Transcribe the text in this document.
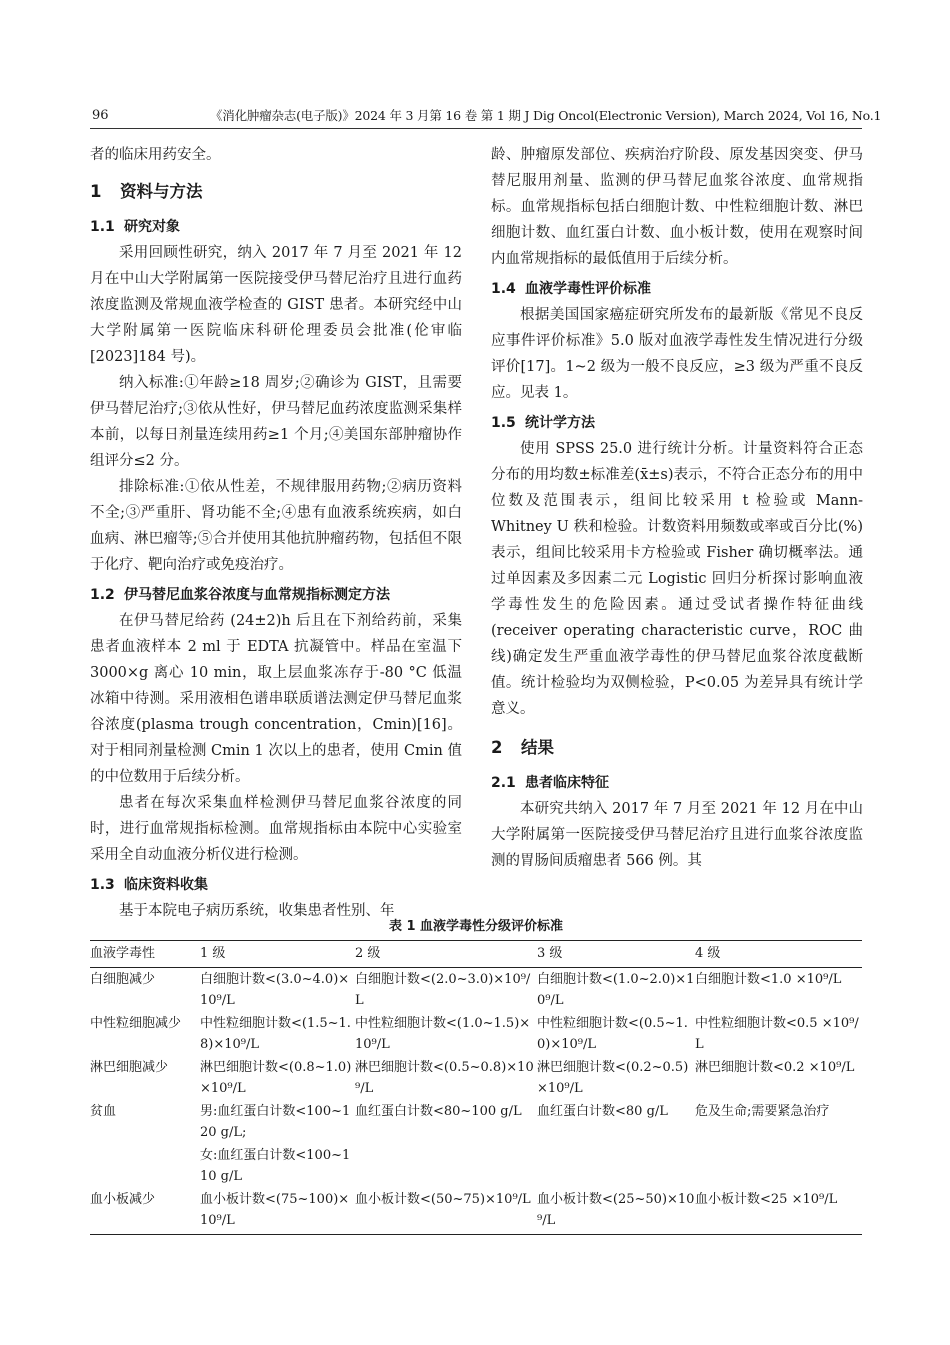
96	《消化肿瘤杂志(电子版)》2024 年 3 月第 16 卷 第 1 期 J Dig Oncol(Electronic Version), March 2024, Vol 16, No.1

者的临床用药安全。

1 资料与方法
1.1 研究对象

采用回顾性研究，纳入 2017 年 7 月至 2021 年 12 月在中山大学附属第一医院接受伊马替尼治疗且进行血药浓度监测及常规血液学检查的 GIST 患者。本研究经中山大学附属第一医院临床科研伦理委员会批准(伦审临[2023]184 号)。

纳入标准:①年龄≥18 周岁;②确诊为 GIST，且需要伊马替尼治疗;③依从性好，伊马替尼血药浓度监测采集样本前，以每日剂量连续用药≥1 个月;④美国东部肿瘤协作组评分≤2 分。

排除标准:①依从性差，不规律服用药物;②病历资料不全;③严重肝、肾功能不全;④患有血液系统疾病，如白血病、淋巴瘤等;⑤合并使用其他抗肿瘤药物，包括但不限于化疗、靶向治疗或免疫治疗。

1.2 伊马替尼血浆谷浓度与血常规指标测定方法

在伊马替尼给药 (24±2)h 后且在下剂给药前，采集患者血液样本 2 ml 于 EDTA 抗凝管中。样品在室温下 3000×g 离心 10 min，取上层血浆冻存于-80 °C 低温冰箱中待测。采用液相色谱串联质谱法测定伊马替尼血浆谷浓度(plasma trough concentration，Cmin)[16]。对于相同剂量检测 Cmin 1 次以上的患者，使用 Cmin 值的中位数用于后续分析。

患者在每次采集血样检测伊马替尼血浆谷浓度的同时，进行血常规指标检测。血常规指标由本院中心实验室采用全自动血液分析仪进行检测。

1.3 临床资料收集

基于本院电子病历系统，收集患者性别、年

龄、肿瘤原发部位、疾病治疗阶段、原发基因突变、伊马替尼服用剂量、监测的伊马替尼血浆谷浓度、血常规指标。血常规指标包括白细胞计数、中性粒细胞计数、淋巴细胞计数、血红蛋白计数、血小板计数，使用在观察时间内血常规指标的最低值用于后续分析。

1.4 血液学毒性评价标准

根据美国国家癌症研究所发布的最新版《常见不良反应事件评价标准》5.0 版对血液学毒性发生情况进行分级评价[17]。1~2 级为一般不良反应，≥3 级为严重不良反应。见表 1。

1.5 统计学方法

使用 SPSS 25.0 进行统计分析。计量资料符合正态分布的用均数±标准差(x̄±s)表示，不符合正态分布的用中位数及范围表示，组间比较采用 t 检验或 Mann-Whitney U 秩和检验。计数资料用频数或率或百分比(%)表示，组间比较采用卡方检验或 Fisher 确切概率法。通过单因素及多因素二元 Logistic 回归分析探讨影响血液学毒性发生的危险因素。通过受试者操作特征曲线(receiver operating characteristic curve，ROC 曲线)确定发生严重血液学毒性的伊马替尼血浆谷浓度截断值。统计检验均为双侧检验，P<0.05 为差异具有统计学意义。

2 结果
2.1 患者临床特征

本研究共纳入 2017 年 7 月至 2021 年 12 月在中山大学附属第一医院接受伊马替尼治疗且进行血浆谷浓度监测的胃肠间质瘤患者 566 例。其

表 1 血液学毒性分级评价标准
血液学毒性	1 级	2 级	3 级	4 级
白细胞减少	白细胞计数<(3.0~4.0)×10⁹/L	白细胞计数<(2.0~3.0)×10⁹/L	白细胞计数<(1.0~2.0)×10⁹/L	白细胞计数<1.0 ×10⁹/L
中性粒细胞减少	中性粒细胞计数<(1.5~1.8)×10⁹/L	中性粒细胞计数<(1.0~1.5)×10⁹/L	中性粒细胞计数<(0.5~1.0)×10⁹/L	中性粒细胞计数<0.5 ×10⁹/L
淋巴细胞减少	淋巴细胞计数<(0.8~1.0)×10⁹/L	淋巴细胞计数<(0.5~0.8)×10⁹/L	淋巴细胞计数<(0.2~0.5)×10⁹/L	淋巴细胞计数<0.2 ×10⁹/L
贫血	男:血红蛋白计数<100~120 g/L;	血红蛋白计数<80~100 g/L	血红蛋白计数<80 g/L	危及生命;需要紧急治疗
	女:血红蛋白计数<100~110 g/L			
血小板减少	血小板计数<(75~100)×10⁹/L	血小板计数<(50~75)×10⁹/L	血小板计数<(25~50)×10⁹/L	血小板计数<25 ×10⁹/L
